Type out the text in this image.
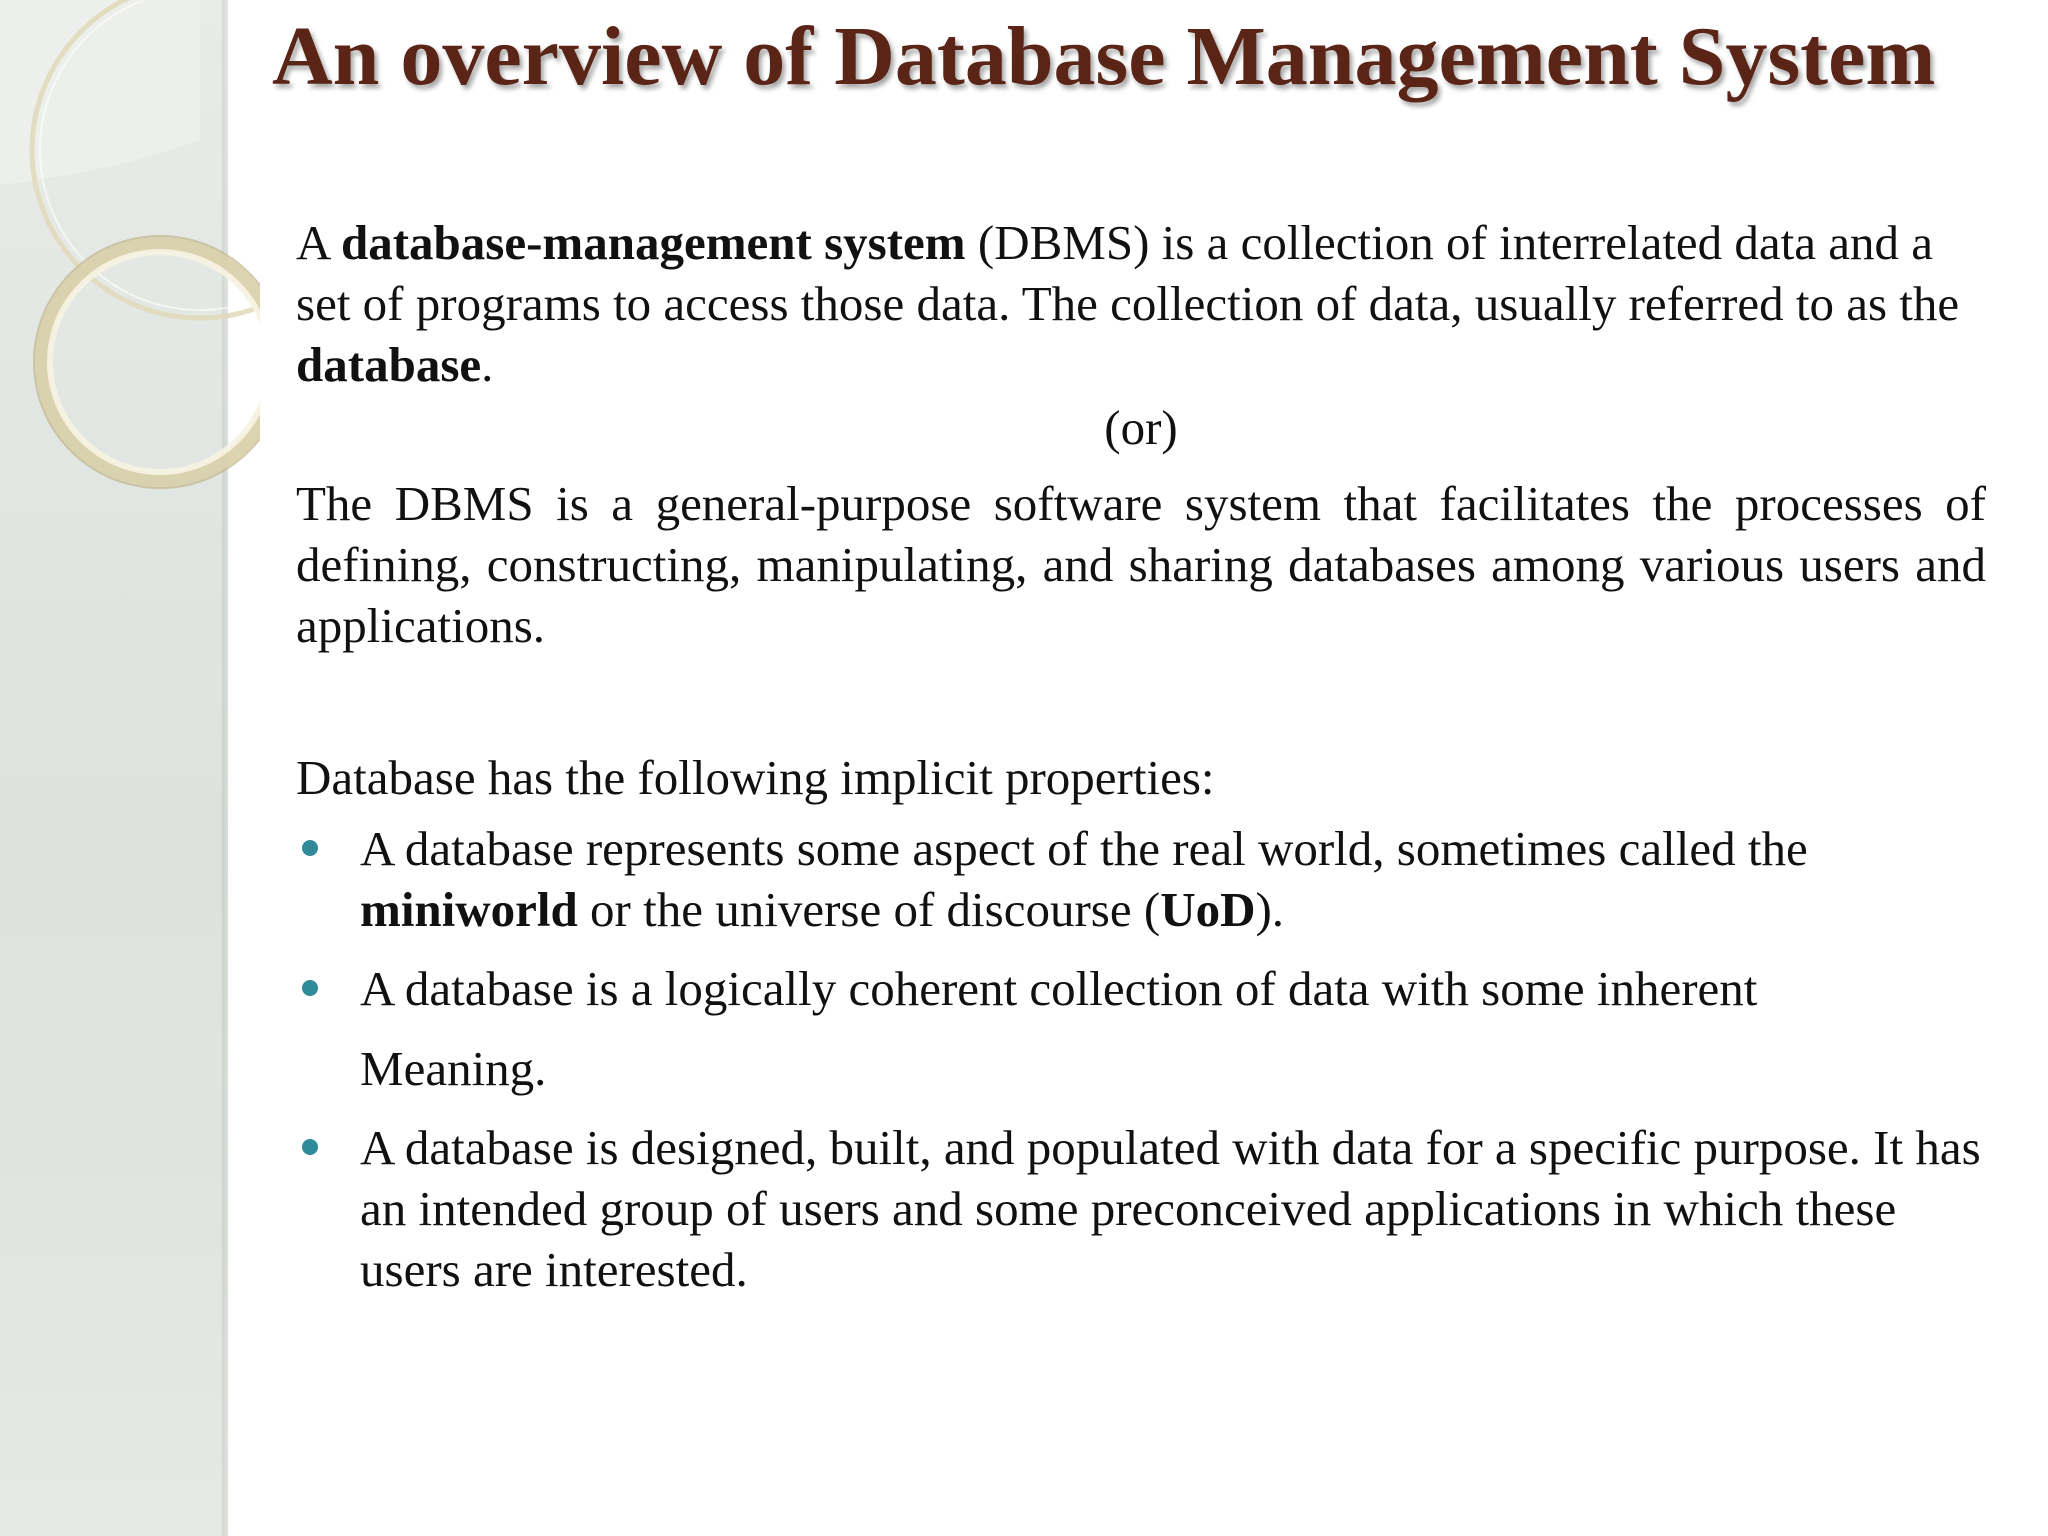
An overview of Database Management System

A database-management system (DBMS) is a collection of interrelated data and a set of programs to access those data. The collection of data, usually referred to as the database.

(or)

The DBMS is a general-purpose software system that facilitates the processes of defining, constructing, manipulating, and sharing databases among various users and applications.

Database has the following implicit properties:

A database represents some aspect of the real world, sometimes called the miniworld or the universe of discourse (UoD).
A database is a logically coherent collection of data with some inherent
Meaning.
A database is designed, built, and populated with data for a specific purpose. It has an intended group of users and some preconceived applications in which these users are interested.
